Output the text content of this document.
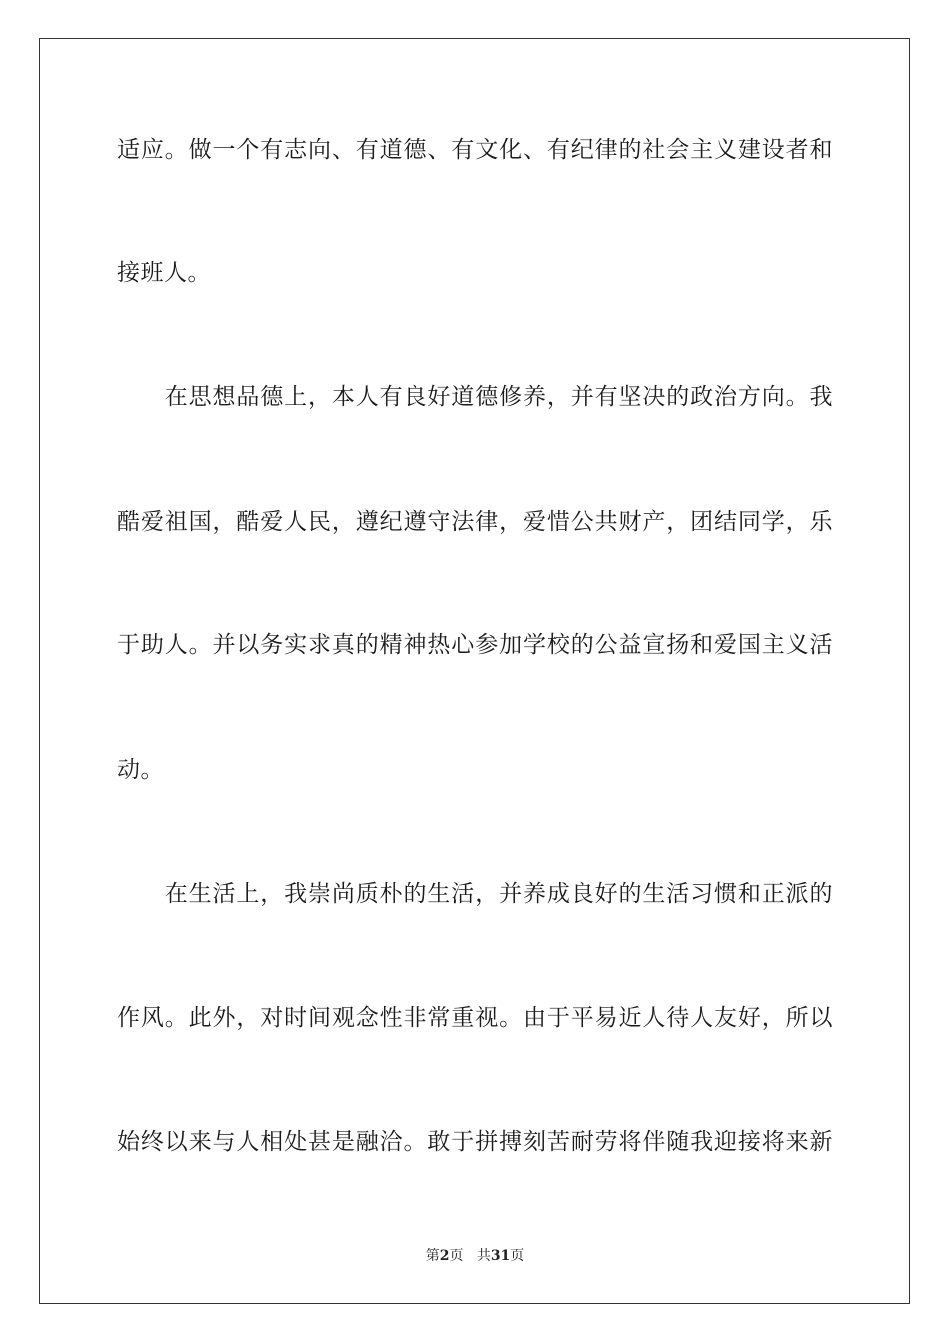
适应。做一个有志向、有道德、有文化、有纪律的社会主义建设者和
接班人。
　　在思想品德上，本人有良好道德修养，并有坚决的政治方向。我
酷爱祖国，酷爱人民，遵纪遵守法律，爱惜公共财产，团结同学，乐
于助人。并以务实求真的精神热心参加学校的公益宣扬和爱国主义活
动。
　　在生活上，我崇尚质朴的生活，并养成良好的生活习惯和正派的
作风。此外，对时间观念性非常重视。由于平易近人待人友好，所以
始终以来与人相处甚是融洽。敢于拼搏刻苦耐劳将伴随我迎接将来新
第2页 共31页
